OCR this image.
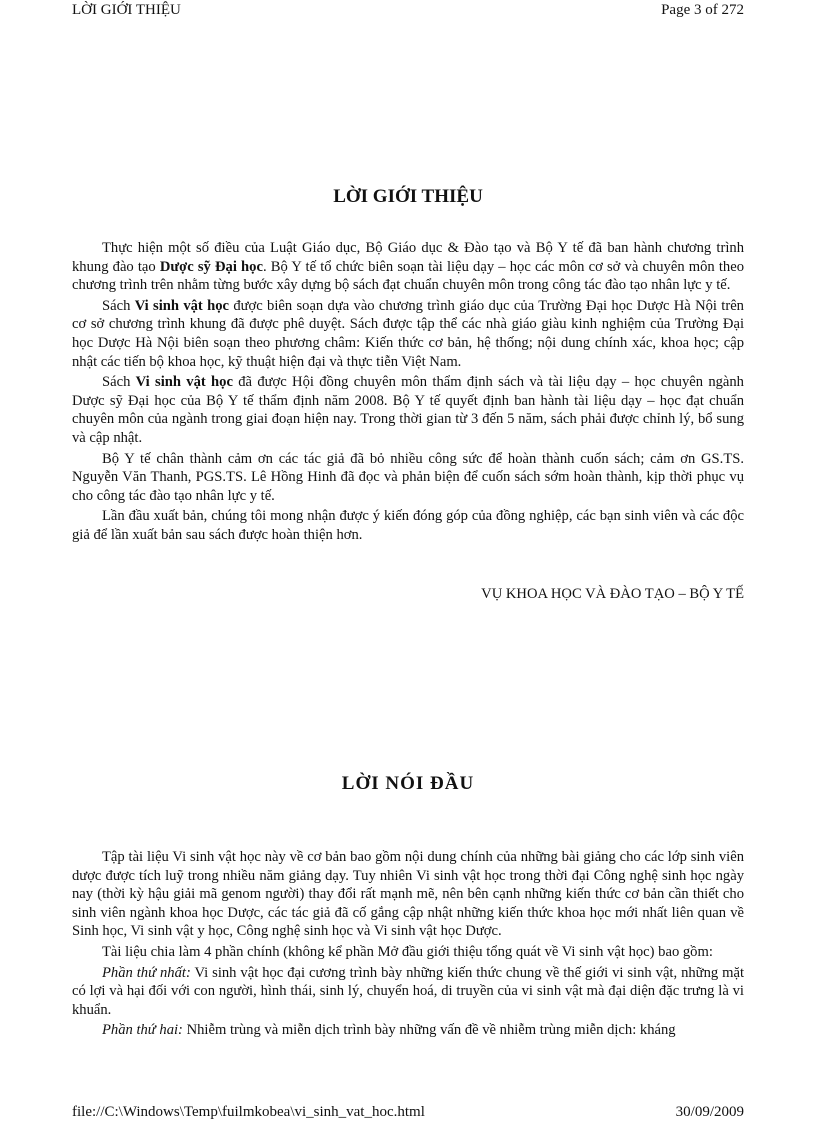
LỜI GIỚI THIỆU	Page 3 of 272
LỜI GIỚI THIỆU

Thực hiện một số điều của Luật Giáo dục, Bộ Giáo dục & Đào tạo và Bộ Y tế đã ban hành chương trình khung đào tạo Dược sỹ Đại học. Bộ Y tế tổ chức biên soạn tài liệu dạy – học các môn cơ sở và chuyên môn theo chương trình trên nhằm từng bước xây dựng bộ sách đạt chuẩn chuyên môn trong công tác đào tạo nhân lực y tế.

Sách Vi sinh vật học được biên soạn dựa vào chương trình giáo dục của Trường Đại học Dược Hà Nội trên cơ sở chương trình khung đã được phê duyệt. Sách được tập thể các nhà giáo giàu kinh nghiệm của Trường Đại học Dược Hà Nội biên soạn theo phương châm: Kiến thức cơ bản, hệ thống; nội dung chính xác, khoa học; cập nhật các tiến bộ khoa học, kỹ thuật hiện đại và thực tiễn Việt Nam.

Sách Vi sinh vật học đã được Hội đồng chuyên môn thẩm định sách và tài liệu dạy – học chuyên ngành Dược sỹ Đại học của Bộ Y tế thẩm định năm 2008. Bộ Y tế quyết định ban hành tài liệu dạy – học đạt chuẩn chuyên môn của ngành trong giai đoạn hiện nay. Trong thời gian từ 3 đến 5 năm, sách phải được chỉnh lý, bổ sung và cập nhật.

Bộ Y tế chân thành cảm ơn các tác giả đã bỏ nhiều công sức để hoàn thành cuốn sách; cảm ơn GS.TS. Nguyễn Văn Thanh, PGS.TS. Lê Hồng Hinh đã đọc và phản biện để cuốn sách sớm hoàn thành, kịp thời phục vụ cho công tác đào tạo nhân lực y tế.

Lần đầu xuất bản, chúng tôi mong nhận được ý kiến đóng góp của đồng nghiệp, các bạn sinh viên và các độc giả để lần xuất bản sau sách được hoàn thiện hơn.

VỤ KHOA HỌC VÀ ĐÀO TẠO – BỘ Y TẾ
LỜI NÓI ĐẦU

Tập tài liệu Vi sinh vật học này về cơ bản bao gồm nội dung chính của những bài giảng cho các lớp sinh viên dược được tích luỹ trong nhiều năm giảng dạy. Tuy nhiên Vi sinh vật học trong thời đại Công nghệ sinh học ngày nay (thời kỳ hậu giải mã genom người) thay đổi rất mạnh mẽ, nên bên cạnh những kiến thức cơ bản cần thiết cho sinh viên ngành khoa học Dược, các tác giả đã cố gắng cập nhật những kiến thức khoa học mới nhất liên quan về Sinh học, Vi sinh vật y học, Công nghệ sinh học và Vi sinh vật học Dược.

Tài liệu chia làm 4 phần chính (không kể phần Mở đầu giới thiệu tổng quát về Vi sinh vật học) bao gồm:

Phần thứ nhất: Vi sinh vật học đại cương trình bày những kiến thức chung về thế giới vi sinh vật, những mặt có lợi và hại đối với con người, hình thái, sinh lý, chuyển hoá, di truyền của vi sinh vật mà đại diện đặc trưng là vi khuẩn.

Phần thứ hai: Nhiễm trùng và miễn dịch trình bày những vấn đề về nhiễm trùng miễn dịch: kháng

file://C:\Windows\Temp\fuilmkobea\vi_sinh_vat_hoc.html	30/09/2009
